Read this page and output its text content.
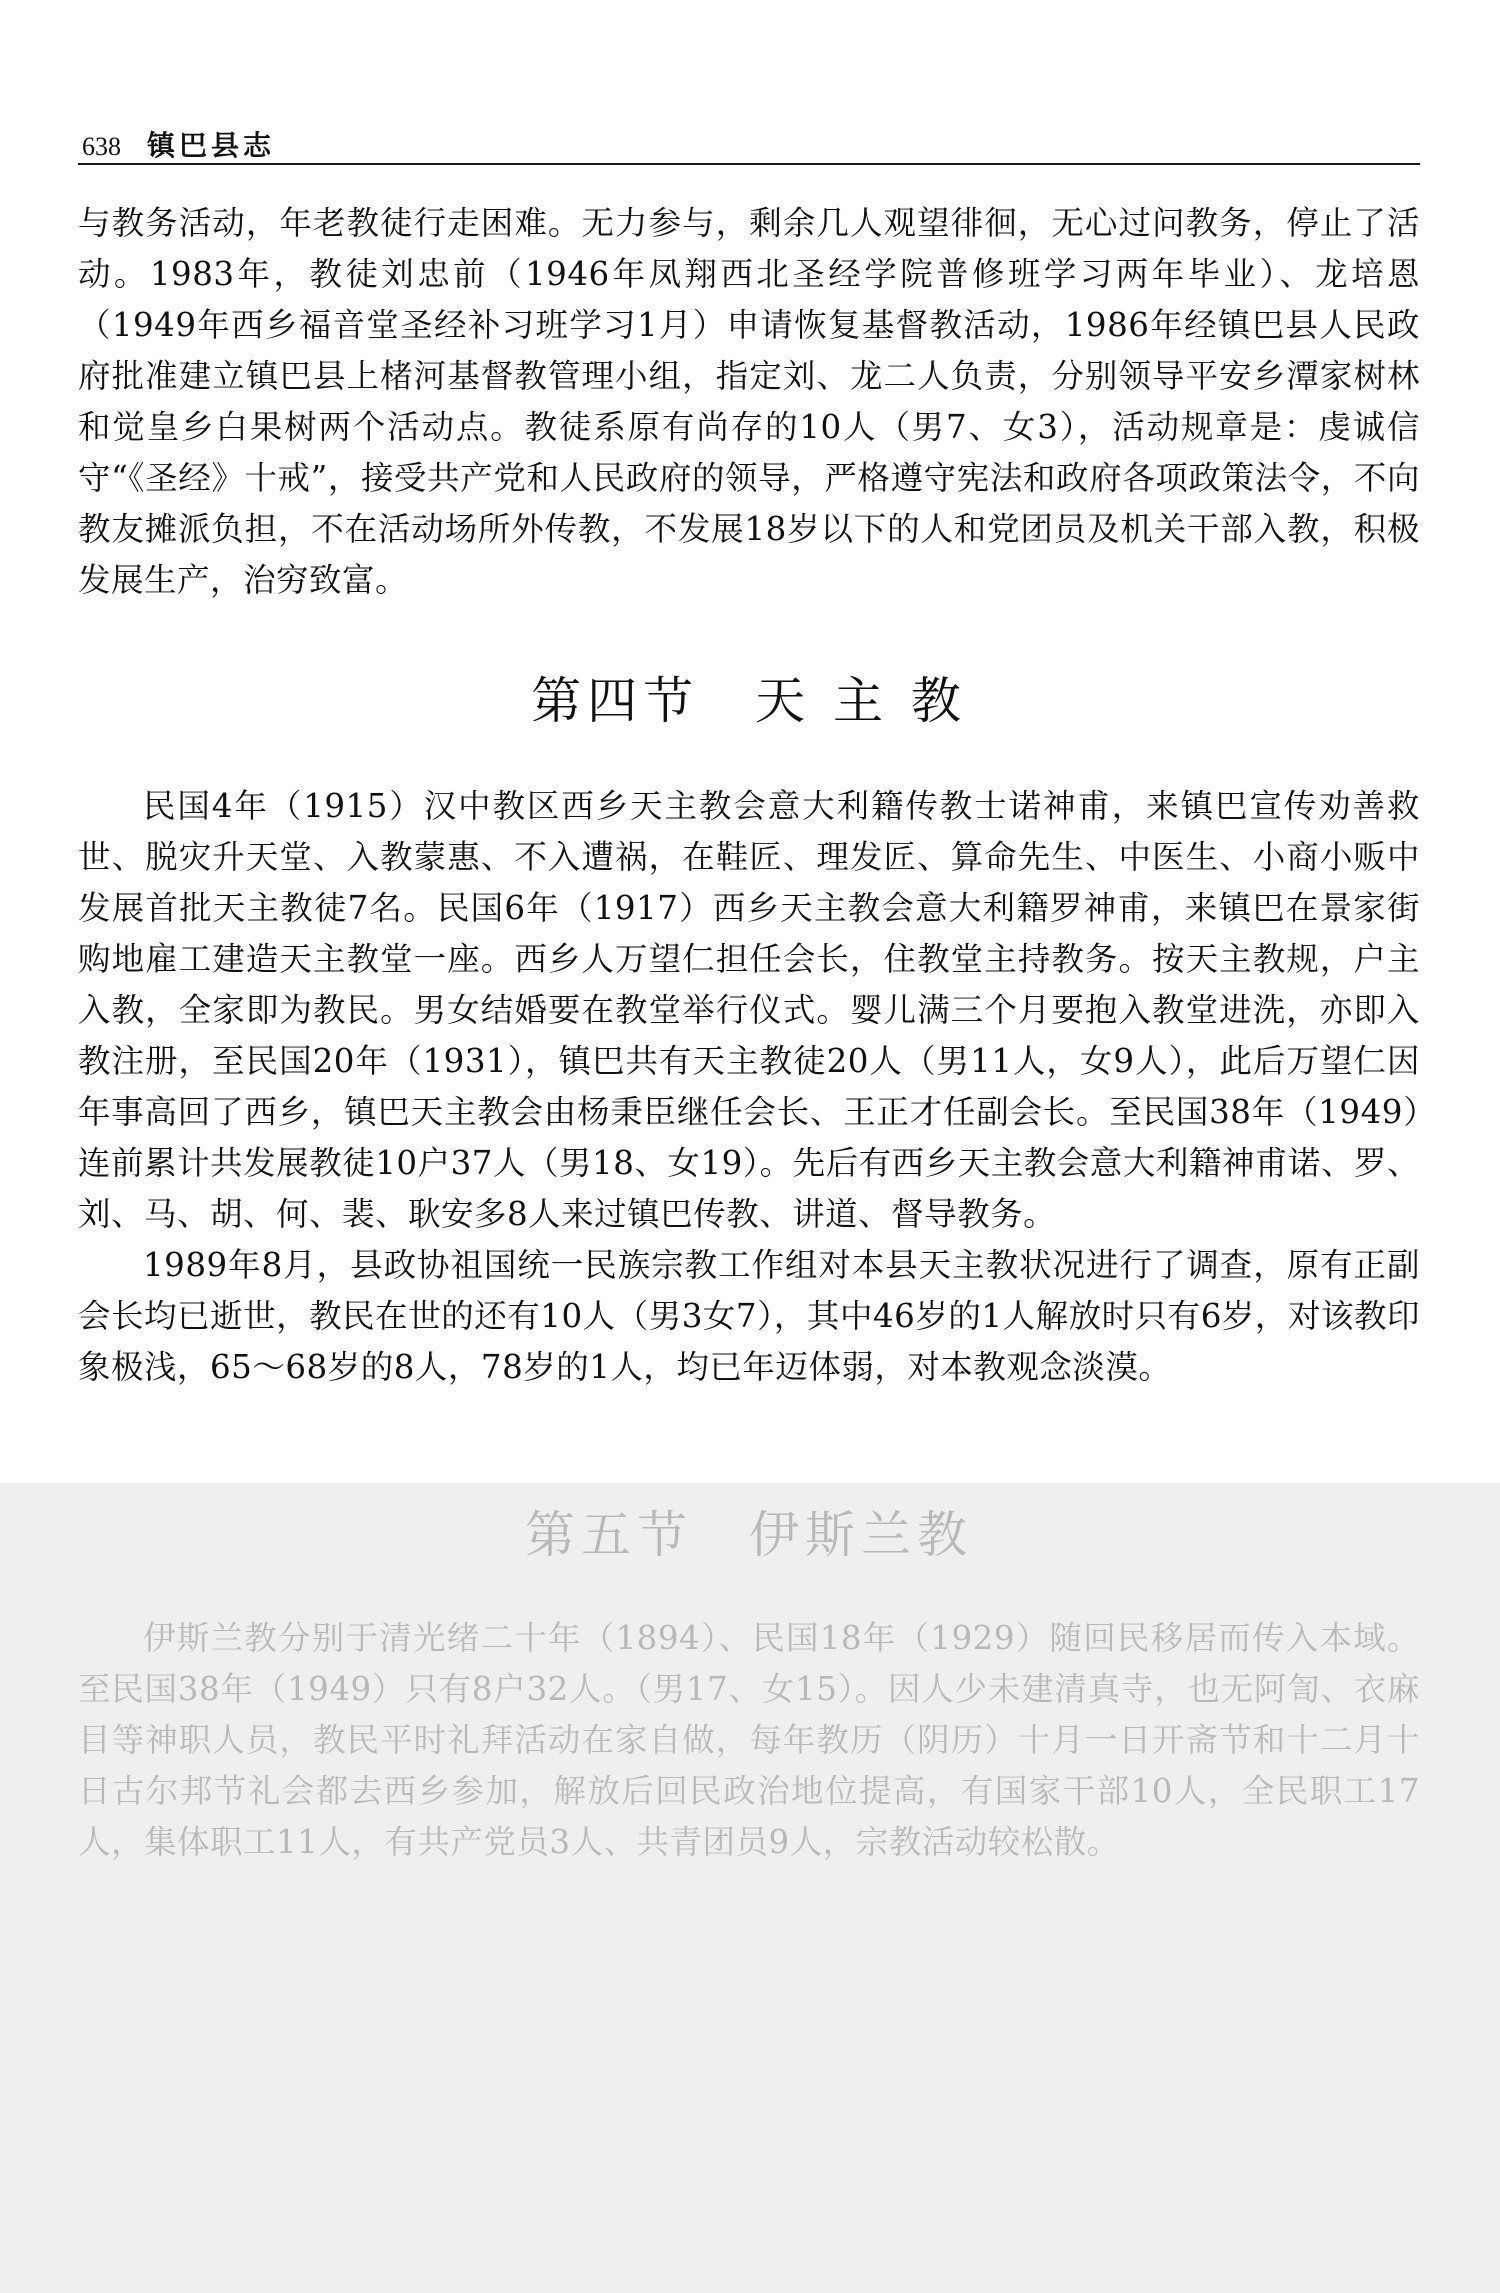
638 镇巴县志

与教务活动，年老教徒行走困难。无力参与，剩余几人观望徘徊，无心过问教务，停止了活动。1983年，教徒刘忠前（1946年凤翔西北圣经学院普修班学习两年毕业）、龙培恩（1949年西乡福音堂圣经补习班学习1月）申请恢复基督教活动，1986年经镇巴县人民政府批准建立镇巴县上楮河基督教管理小组，指定刘、龙二人负责，分别领导平安乡潭家树林和觉皇乡白果树两个活动点。教徒系原有尚存的10人（男7、女3），活动规章是：虔诚信守“《圣经》十戒”，接受共产党和人民政府的领导，严格遵守宪法和政府各项政策法令，不向教友摊派负担，不在活动场所外传教，不发展18岁以下的人和党团员及机关干部入教，积极发展生产，治穷致富。

第四节　天 主 教

民国4年（1915）汉中教区西乡天主教会意大利籍传教士诺神甫，来镇巴宣传劝善救世、脱灾升天堂、入教蒙惠、不入遭祸，在鞋匠、理发匠、算命先生、中医生、小商小贩中发展首批天主教徒7名。民国6年（1917）西乡天主教会意大利籍罗神甫，来镇巴在景家街购地雇工建造天主教堂一座。西乡人万望仁担任会长，住教堂主持教务。按天主教规，户主入教，全家即为教民。男女结婚要在教堂举行仪式。婴儿满三个月要抱入教堂进洗，亦即入教注册，至民国20年（1931），镇巴共有天主教徒20人（男11人，女9人），此后万望仁因年事高回了西乡，镇巴天主教会由杨秉臣继任会长、王正才任副会长。至民国38年（1949）连前累计共发展教徒10户37人（男18、女19）。先后有西乡天主教会意大利籍神甫诺、罗、刘、马、胡、何、裴、耿安多8人来过镇巴传教、讲道、督导教务。

1989年8月，县政协祖国统一民族宗教工作组对本县天主教状况进行了调查，原有正副会长均已逝世，教民在世的还有10人（男3女7），其中46岁的1人解放时只有6岁，对该教印象极浅，65～68岁的8人，78岁的1人，均已年迈体弱，对本教观念淡漠。

第五节　伊斯兰教

伊斯兰教分别于清光绪二十年（1894）、民国18年（1929）随回民移居而传入本域。至民国38年（1949）只有8户32人。（男17、女15）。因人少未建清真寺，也无阿訇、衣麻目等神职人员，教民平时礼拜活动在家自做，每年教历（阴历）十月一日开斋节和十二月十日古尔邦节礼会都去西乡参加，解放后回民政治地位提高，有国家干部10人，全民职工17人，集体职工11人，有共产党员3人、共青团员9人，宗教活动较松散。
